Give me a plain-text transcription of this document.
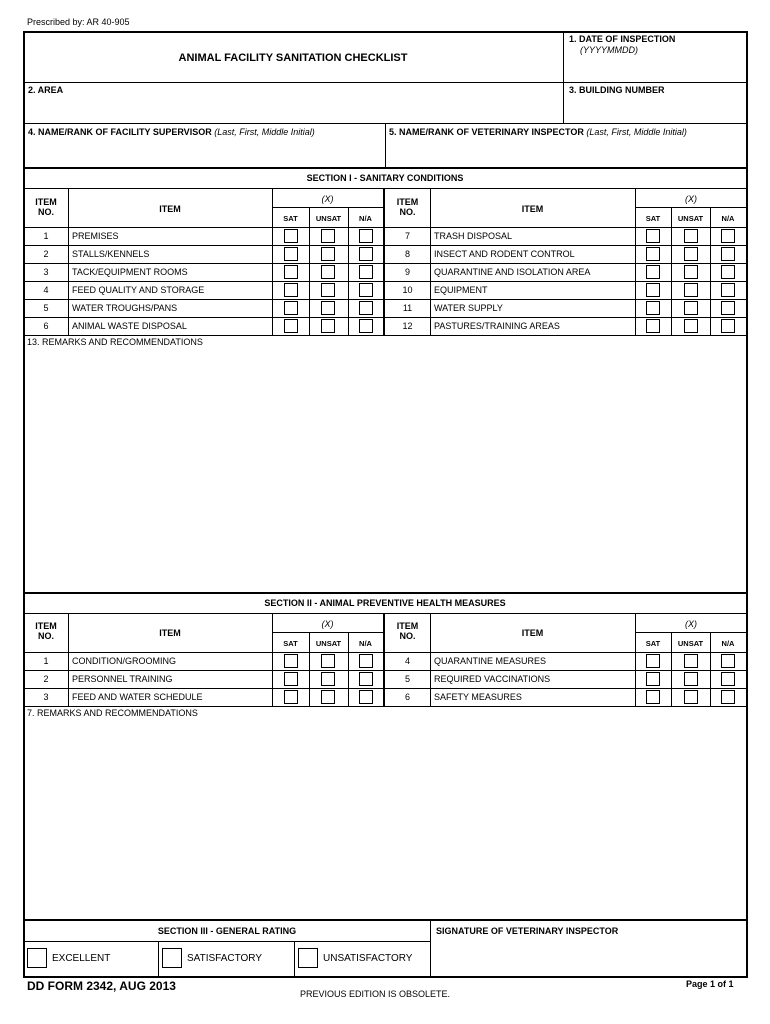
Prescribed by: AR 40-905
ANIMAL FACILITY SANITATION CHECKLIST
1. DATE OF INSPECTION
(YYYYMMDD)
2. AREA	3. BUILDING NUMBER
4. NAME/RANK OF FACILITY SUPERVISOR (Last, First, Middle Initial)	5. NAME/RANK OF VETERINARY INSPECTOR (Last, First, Middle Initial)
SECTION I - SANITARY CONDITIONS
ITEM
NO.	ITEM
(X)
SAT	UNSAT	N/A
ITEM
NO.	ITEM
(X)
SAT	UNSAT	N/A
1	PREMISES
2	STALLS/KENNELS
3	TACK/EQUIPMENT ROOMS
4	FEED QUALITY AND STORAGE
5	WATER TROUGHS/PANS
6	ANIMAL WASTE DISPOSAL
7	TRASH DISPOSAL
8	INSECT AND RODENT CONTROL
9	QUARANTINE AND ISOLATION AREA
10	EQUIPMENT
11	WATER SUPPLY
12	PASTURES/TRAINING AREAS
13. REMARKS AND RECOMMENDATIONS
SECTION II - ANIMAL PREVENTIVE HEALTH MEASURES
ITEM
NO.	ITEM
(X)
SAT	UNSAT	N/A
ITEM
NO.	ITEM
(X)
SAT	UNSAT	N/A
1	CONDITION/GROOMING
2	PERSONNEL TRAINING
3	FEED AND WATER SCHEDULE
4	QUARANTINE MEASURES
5	REQUIRED VACCINATIONS
6	SAFETY MEASURES
7. REMARKS AND RECOMMENDATIONS
SECTION III - GENERAL RATING	SIGNATURE OF VETERINARY INSPECTOR
EXCELLENT	SATISFACTORY	UNSATISFACTORY
DD FORM 2342, AUG 2013
PREVIOUS EDITION IS OBSOLETE.
Page 1 of 1
